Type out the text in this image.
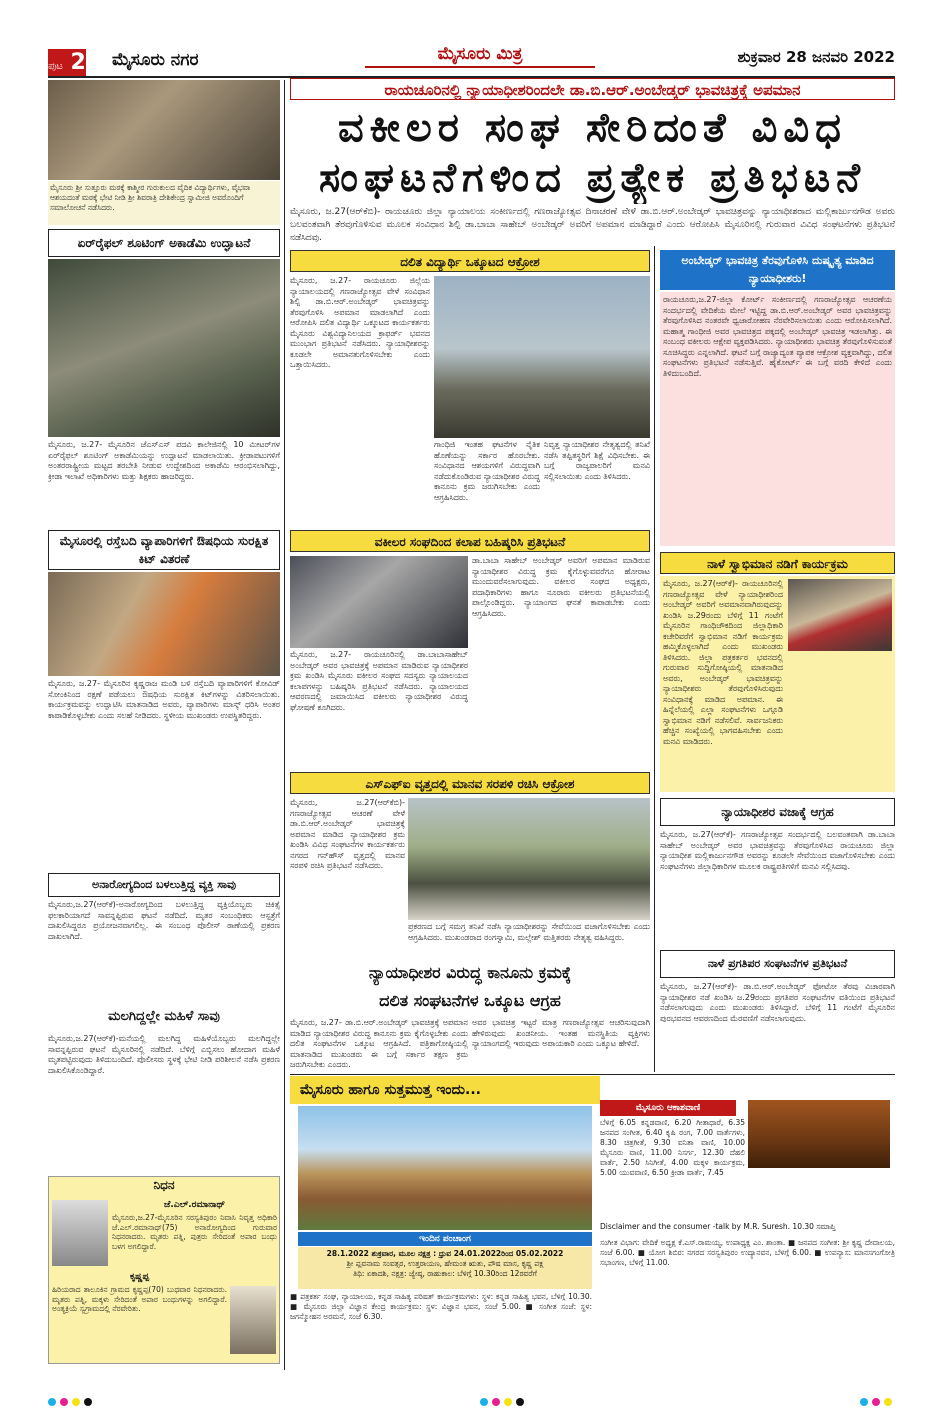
ಪುಟ 2 ಮೈಸೂರು ನಗರ	ಮೈಸೂರು ಮಿತ್ರ	ಶುಕ್ರವಾರ 28 ಜನವರಿ 2022
ರಾಯಚೂರಿನಲ್ಲಿ ನ್ಯಾಯಾಧೀಶರಿಂದಲೇ ಡಾ.ಬಿ.ಆರ್.ಅಂಬೇಡ್ಕರ್ ಭಾವಚಿತ್ರಕ್ಕೆ ಅಪಮಾನ
ವಕೀಲರ ಸಂಘ ಸೇರಿದಂತೆ ವಿವಿಧ
ಸಂಘಟನೆಗಳಿಂದ ಪ್ರತ್ಯೇಕ ಪ್ರತಿಭಟನೆ
ಮೈಸೂರು, ಜ.27(ಆರ್‌ಕೆಬಿ)- ರಾಯಚೂರು ಜಿಲ್ಲಾ ನ್ಯಾಯಾಲಯ ಸಂಕೀರ್ಣದಲ್ಲಿ ಗಣರಾಜ್ಯೋತ್ಸವ ದಿನಾಚರಣೆ ವೇಳೆ ಡಾ.ಬಿ.ಆರ್.ಅಂಬೇಡ್ಕರ್ ಭಾವಚಿತ್ರವನ್ನು ನ್ಯಾಯಾಧೀಶರಾದ ಮಲ್ಲಿಕಾರ್ಜುನಗೌಡ ಅವರು ಬಲವಂತವಾಗಿ ತೆರವುಗೊಳಿಸುವ ಮೂಲಕ ಸಂವಿಧಾನ ಶಿಲ್ಪಿ ಡಾ.ಬಾಬಾ ಸಾಹೇಬ್ ಅಂಬೇಡ್ಕರ್ ಅವರಿಗೆ ಅಪಮಾನ ಮಾಡಿದ್ದಾರೆ ಎಂದು ಆರೋಪಿಸಿ ಮೈಸೂರಿನಲ್ಲಿ ಗುರುವಾರ ವಿವಿಧ ಸಂಘಟನೆಗಳು ಪ್ರತಿಭಟನೆ ನಡೆಸಿದವು.
ಮೈಸೂರು ಶ್ರೀ ಸುತ್ತೂರು ಮಠಕ್ಕೆ ಕಾಶ್ಮೀರ ಗುರುಕುಲದ ವೈದಿಕ ವಿದ್ಯಾರ್ಥಿಗಳು, ವೈಭವಾ ಆಶಯದಂತೆ ಮಠಕ್ಕೆ ಭೇಟಿ ನೀಡಿ ಶ್ರೀ ಶಿವರಾತ್ರಿ ದೇಶಿಕೇಂದ್ರ ಸ್ವಾಮೀಜಿ ಅವರೊಂದಿಗೆ ಸಮಾಲೋಚನೆ ನಡೆಸಿದರು.
ಏರ್‌ರೈಫಲ್ ಶೂಟಿಂಗ್ ಅಕಾಡೆಮಿ ಉದ್ಘಾಟನೆ
ಮೈಸೂರು, ಜ.27- ಮೈಸೂರಿನ ಜೆಎಸ್‌ಎಸ್ ಪದವಿ ಕಾಲೇಜಿನಲ್ಲಿ 10 ಮೀಟರ್‌ಗಳ ಏರ್‌ರೈಫಲ್ ಶೂಟಿಂಗ್ ಅಕಾಡೆಮಿಯನ್ನು ಉದ್ಘಾಟನೆ ಮಾಡಲಾಯಿತು. ಕ್ರೀಡಾಪಟುಗಳಿಗೆ ಅಂತರರಾಷ್ಟ್ರೀಯ ಮಟ್ಟದ ತರಬೇತಿ ನೀಡುವ ಉದ್ದೇಶದಿಂದ ಅಕಾಡೆಮಿ ಆರಂಭಿಸಲಾಗಿದ್ದು, ಕ್ರೀಡಾ ಇಲಾಖೆ ಅಧಿಕಾರಿಗಳು ಮತ್ತು ಶಿಕ್ಷಕರು ಹಾಜರಿದ್ದರು.
ಮೈಸೂರಲ್ಲಿ ರಸ್ತೆಬದಿ ವ್ಯಾಪಾರಿಗಳಿಗೆ ಔಷಧಿಯ ಸುರಕ್ಷಿತ ಕಿಟ್ ವಿತರಣೆ
ಮೈಸೂರು, ಜ.27- ಮೈಸೂರಿನ ಕೃಷ್ಣರಾಜ ಮಂಡಿ ಬಳಿ ರಸ್ತೆಬದಿ ವ್ಯಾಪಾರಿಗಳಿಗೆ ಕೋವಿಡ್ ಸೋಂಕಿನಿಂದ ರಕ್ಷಣೆ ಪಡೆಯಲು ಔಷಧಿಯ ಸುರಕ್ಷಿತ ಕಿಟ್‌ಗಳನ್ನು ವಿತರಿಸಲಾಯಿತು. ಕಾರ್ಯಕ್ರಮವನ್ನು ಉದ್ಘಾಟಿಸಿ ಮಾತನಾಡಿದ ಅವರು, ವ್ಯಾಪಾರಿಗಳು ಮಾಸ್ಕ್ ಧರಿಸಿ ಅಂತರ ಕಾಪಾಡಿಕೊಳ್ಳಬೇಕು ಎಂದು ಸಲಹೆ ನೀಡಿದರು. ಸ್ಥಳೀಯ ಮುಖಂಡರು ಉಪಸ್ಥಿತರಿದ್ದರು.
ಅನಾರೋಗ್ಯದಿಂದ ಬಳಲುತ್ತಿದ್ದ ವ್ಯಕ್ತಿ ಸಾವು
ಮೈಸೂರು,ಜ.27(ಆರ್‌ಕೆ)-ಅನಾರೋಗ್ಯದಿಂದ ಬಳಲುತ್ತಿದ್ದ ವ್ಯಕ್ತಿಯೊಬ್ಬರು ಚಿಕಿತ್ಸೆ ಫಲಕಾರಿಯಾಗದೆ ಸಾವನ್ನಪ್ಪಿರುವ ಘಟನೆ ನಡೆದಿದೆ. ಮೃತರ ಸಂಬಂಧಿಕರು ಆಸ್ಪತ್ರೆಗೆ ದಾಖಲಿಸಿದ್ದರೂ ಪ್ರಯೋಜನವಾಗಲಿಲ್ಲ. ಈ ಸಂಬಂಧ ಪೊಲೀಸ್ ಠಾಣೆಯಲ್ಲಿ ಪ್ರಕರಣ ದಾಖಲಾಗಿದೆ.
ಮಲಗಿದ್ದಲ್ಲೇ ಮಹಿಳೆ ಸಾವು
ಮೈಸೂರು,ಜ.27(ಆರ್‌ಕೆ)-ಮನೆಯಲ್ಲಿ ಮಲಗಿದ್ದ ಮಹಿಳೆಯೊಬ್ಬರು ಮಲಗಿದ್ದಲ್ಲೇ ಸಾವನ್ನಪ್ಪಿರುವ ಘಟನೆ ಮೈಸೂರಿನಲ್ಲಿ ನಡೆದಿದೆ. ಬೆಳಿಗ್ಗೆ ಎಬ್ಬಿಸಲು ಹೋದಾಗ ಮಹಿಳೆ ಮೃತಪಟ್ಟಿರುವುದು ತಿಳಿದುಬಂದಿದೆ. ಪೊಲೀಸರು ಸ್ಥಳಕ್ಕೆ ಭೇಟಿ ನೀಡಿ ಪರಿಶೀಲನೆ ನಡೆಸಿ ಪ್ರಕರಣ ದಾಖಲಿಸಿಕೊಂಡಿದ್ದಾರೆ.
ನಿಧನ
ಜೆ.ಎಲ್.ರಮಾನಾಥ್
ಮೈಸೂರು,ಜ.27-ಮೈಸೂರಿನ ಸರಸ್ವತಿಪುರಂ ನಿವಾಸಿ ನಿವೃತ್ತ ಅಧಿಕಾರಿ ಜೆ.ಎಲ್.ರಮಾನಾಥ್(75) ಅನಾರೋಗ್ಯದಿಂದ ಗುರುವಾರ ನಿಧನರಾದರು. ಮೃತರು ಪತ್ನಿ, ಪುತ್ರರು ಸೇರಿದಂತೆ ಅಪಾರ ಬಂಧು ಬಳಗ ಅಗಲಿದ್ದಾರೆ.
ಕೃಷ್ಣಪ್ಪ
ಹಿರಿಯರಾದ ತಾಲೂಕಿನ ಗ್ರಾಮದ ಕೃಷ್ಣಪ್ಪ(70) ಬುಧವಾರ ನಿಧನರಾದರು. ಮೃತರು ಪತ್ನಿ, ಮಕ್ಕಳು ಸೇರಿದಂತೆ ಅಪಾರ ಬಂಧುಗಳನ್ನು ಅಗಲಿದ್ದಾರೆ. ಅಂತ್ಯಕ್ರಿಯೆ ಸ್ವಗ್ರಾಮದಲ್ಲಿ ನೆರವೇರಿತು.
ದಲಿತ ವಿದ್ಯಾರ್ಥಿ ಒಕ್ಕೂಟದ ಆಕ್ರೋಶ
ಮೈಸೂರು, ಜ.27- ರಾಯಚೂರು ಜಿಲ್ಲೆಯ ನ್ಯಾಯಾಲಯದಲ್ಲಿ ಗಣರಾಜ್ಯೋತ್ಸವ ವೇಳೆ ಸಂವಿಧಾನ ಶಿಲ್ಪಿ ಡಾ.ಬಿ.ಆರ್.ಅಂಬೇಡ್ಕರ್ ಭಾವಚಿತ್ರವನ್ನು ತೆರವುಗೊಳಿಸಿ ಅಪಮಾನ ಮಾಡಲಾಗಿದೆ ಎಂದು ಆರೋಪಿಸಿ ದಲಿತ ವಿದ್ಯಾರ್ಥಿ ಒಕ್ಕೂಟದ ಕಾರ್ಯಕರ್ತರು ಮೈಸೂರು ವಿಶ್ವವಿದ್ಯಾನಿಲಯದ ಕ್ರಾಫರ್ಡ್ ಭವನದ ಮುಂಭಾಗ ಪ್ರತಿಭಟನೆ ನಡೆಸಿದರು. ನ್ಯಾಯಾಧೀಶರನ್ನು ಕೂಡಲೇ ಅಮಾನತುಗೊಳಿಸಬೇಕು ಎಂದು ಒತ್ತಾಯಿಸಿದರು.
ಗಾಂಧಿಜಿ ಇಂತಹ ಘಟನೆಗಳ ನೈತಿಕ ಹೊಣೆಯನ್ನು ಸರ್ಕಾರ ಹೊರಬೇಕು. ಸಂವಿಧಾನದ ಆಶಯಗಳಿಗೆ ವಿರುದ್ಧವಾಗಿ ನಡೆದುಕೊಂಡಿರುವ ನ್ಯಾಯಾಧೀಶರ ವಿರುದ್ಧ ಕಾನೂನು ಕ್ರಮ ಜರುಗಿಸಬೇಕು ಎಂದು ಆಗ್ರಹಿಸಿದರು.
ನಿವೃತ್ತ ನ್ಯಾಯಾಧೀಶರ ನೇತೃತ್ವದಲ್ಲಿ ತನಿಖೆ ನಡೆಸಿ ತಪ್ಪಿತಸ್ಥರಿಗೆ ಶಿಕ್ಷೆ ವಿಧಿಸಬೇಕು. ಈ ಬಗ್ಗೆ ರಾಜ್ಯಪಾಲರಿಗೆ ಮನವಿ ಸಲ್ಲಿಸಲಾಯಿತು ಎಂದು ತಿಳಿಸಿದರು.
ವಕೀಲರ ಸಂಘದಿಂದ ಕಲಾಪ ಬಹಿಷ್ಕರಿಸಿ ಪ್ರತಿಭಟನೆ
ಮೈಸೂರು, ಜ.27- ರಾಯಚೂರಿನಲ್ಲಿ ಡಾ.ಬಾಬಾಸಾಹೇಬ್ ಅಂಬೇಡ್ಕರ್ ಅವರ ಭಾವಚಿತ್ರಕ್ಕೆ ಅಪಮಾನ ಮಾಡಿರುವ ನ್ಯಾಯಾಧೀಶರ ಕ್ರಮ ಖಂಡಿಸಿ ಮೈಸೂರು ವಕೀಲರ ಸಂಘದ ಸದಸ್ಯರು ನ್ಯಾಯಾಲಯದ ಕಲಾಪಗಳನ್ನು ಬಹಿಷ್ಕರಿಸಿ ಪ್ರತಿಭಟನೆ ನಡೆಸಿದರು. ನ್ಯಾಯಾಲಯದ ಆವರಣದಲ್ಲಿ ಜಮಾಯಿಸಿದ ವಕೀಲರು ನ್ಯಾಯಾಧೀಶರ ವಿರುದ್ಧ ಘೋಷಣೆ ಕೂಗಿದರು.
ಡಾ.ಬಾಬಾ ಸಾಹೇಬ್ ಅಂಬೇಡ್ಕರ್ ಅವರಿಗೆ ಅಪಮಾನ ಮಾಡಿರುವ ನ್ಯಾಯಾಧೀಶರ ವಿರುದ್ಧ ಕ್ರಮ ಕೈಗೊಳ್ಳುವವರೆಗೂ ಹೋರಾಟ ಮುಂದುವರೆಸಲಾಗುವುದು. ವಕೀಲರ ಸಂಘದ ಅಧ್ಯಕ್ಷರು, ಪದಾಧಿಕಾರಿಗಳು ಹಾಗೂ ನೂರಾರು ವಕೀಲರು ಪ್ರತಿಭಟನೆಯಲ್ಲಿ ಪಾಲ್ಗೊಂಡಿದ್ದರು. ನ್ಯಾಯಾಂಗದ ಘನತೆ ಕಾಪಾಡಬೇಕು ಎಂದು ಆಗ್ರಹಿಸಿದರು.
ಎಸ್‌ಎಫ್‌ಐ ವೃತ್ತದಲ್ಲಿ ಮಾನವ ಸರಪಳಿ ರಚಿಸಿ ಆಕ್ರೋಶ
ಮೈಸೂರು, ಜ.27(ಆರ್‌ಕೆಬಿ)- ಗಣರಾಜ್ಯೋತ್ಸವ ಆಚರಣೆ ವೇಳೆ ಡಾ.ಬಿ.ಆರ್.ಅಂಬೇಡ್ಕರ್ ಭಾವಚಿತ್ರಕ್ಕೆ ಅಪಮಾನ ಮಾಡಿದ ನ್ಯಾಯಾಧೀಶರ ಕ್ರಮ ಖಂಡಿಸಿ ವಿವಿಧ ಸಂಘಟನೆಗಳ ಕಾರ್ಯಕರ್ತರು ನಗರದ ಗನ್‌ಹೌಸ್ ವೃತ್ತದಲ್ಲಿ ಮಾನವ ಸರಪಳಿ ರಚಿಸಿ ಪ್ರತಿಭಟನೆ ನಡೆಸಿದರು.
ಪ್ರಕರಣದ ಬಗ್ಗೆ ಸಮಗ್ರ ತನಿಖೆ ನಡೆಸಿ ನ್ಯಾಯಾಧೀಶರನ್ನು ಸೇವೆಯಿಂದ ವಜಾಗೊಳಿಸಬೇಕು ಎಂದು ಆಗ್ರಹಿಸಿದರು. ಮುಖಂಡರಾದ ರಂಗಸ್ವಾಮಿ, ಮಲ್ಲೇಶ್ ಮತ್ತಿತರರು ನೇತೃತ್ವ ವಹಿಸಿದ್ದರು.
ನ್ಯಾಯಾಧೀಶರ ವಿರುದ್ಧ ಕಾನೂನು ಕ್ರಮಕ್ಕೆ
ದಲಿತ ಸಂಘಟನೆಗಳ ಒಕ್ಕೂಟ ಆಗ್ರಹ
ಮೈಸೂರು, ಜ.27- ಡಾ.ಬಿ.ಆರ್.ಅಂಬೇಡ್ಕರ್ ಭಾವಚಿತ್ರಕ್ಕೆ ಅಪಮಾನ ಮಾಡಿದ ನ್ಯಾಯಾಧೀಶರ ವಿರುದ್ಧ ಕಾನೂನು ಕ್ರಮ ಕೈಗೊಳ್ಳಬೇಕು ಎಂದು ದಲಿತ ಸಂಘಟನೆಗಳ ಒಕ್ಕೂಟ ಆಗ್ರಹಿಸಿದೆ. ಪತ್ರಿಕಾಗೋಷ್ಠಿಯಲ್ಲಿ ಮಾತನಾಡಿದ ಮುಖಂಡರು ಈ ಬಗ್ಗೆ ಸರ್ಕಾರ ತಕ್ಷಣ ಕ್ರಮ ಜರುಗಿಸಬೇಕು ಎಂದರು.
ಅವರ ಭಾವಚಿತ್ರ ಇಟ್ಟರೆ ಮಾತ್ರ ಗಣರಾಜ್ಯೋತ್ಸವ ಆಚರಿಸುವುದಾಗಿ ಹೇಳಿರುವುದು ಖಂಡನೀಯ. ಇಂತಹ ಮನಸ್ಥಿತಿಯ ವ್ಯಕ್ತಿಗಳು ನ್ಯಾಯಾಂಗದಲ್ಲಿ ಇರುವುದು ಅಪಾಯಕಾರಿ ಎಂದು ಒಕ್ಕೂಟ ಹೇಳಿದೆ.
ಅಂಬೇಡ್ಕರ್ ಭಾವಚಿತ್ರ ತೆರವುಗೊಳಿಸಿ ದುಷ್ಕೃತ್ಯ ಮಾಡಿದ ನ್ಯಾಯಾಧೀಶರು!
ರಾಯಚೂರು,ಜ.27-ಜಿಲ್ಲಾ ಕೋರ್ಟ್ ಸಂಕೀರ್ಣದಲ್ಲಿ ಗಣರಾಜ್ಯೋತ್ಸವ ಆಚರಣೆಯ ಸಂದರ್ಭದಲ್ಲಿ ವೇದಿಕೆಯ ಮೇಲೆ ಇಟ್ಟಿದ್ದ ಡಾ.ಬಿ.ಆರ್.ಅಂಬೇಡ್ಕರ್ ಅವರ ಭಾವಚಿತ್ರವನ್ನು ತೆರವುಗೊಳಿಸಿದ ನಂತರವೇ ಧ್ವಜಾರೋಹಣ ನೆರವೇರಿಸಲಾಯಿತು ಎಂದು ಆರೋಪಿಸಲಾಗಿದೆ. ಮಹಾತ್ಮ ಗಾಂಧೀಜಿ ಅವರ ಭಾವಚಿತ್ರದ ಪಕ್ಕದಲ್ಲಿ ಅಂಬೇಡ್ಕರ್ ಭಾವಚಿತ್ರ ಇಡಲಾಗಿತ್ತು. ಈ ಸಂಬಂಧ ವಕೀಲರು ಆಕ್ಷೇಪ ವ್ಯಕ್ತಪಡಿಸಿದರು. ನ್ಯಾಯಾಧೀಶರು ಭಾವಚಿತ್ರ ತೆರವುಗೊಳಿಸುವಂತೆ ಸೂಚಿಸಿದ್ದರು ಎನ್ನಲಾಗಿದೆ. ಘಟನೆ ಬಗ್ಗೆ ರಾಜ್ಯಾದ್ಯಂತ ವ್ಯಾಪಕ ಆಕ್ರೋಶ ವ್ಯಕ್ತವಾಗಿದ್ದು, ದಲಿತ ಸಂಘಟನೆಗಳು ಪ್ರತಿಭಟನೆ ನಡೆಸುತ್ತಿವೆ. ಹೈಕೋರ್ಟ್ ಈ ಬಗ್ಗೆ ವರದಿ ಕೇಳಿದೆ ಎಂದು ತಿಳಿದುಬಂದಿದೆ.
ನಾಳೆ ಸ್ವಾಭಿಮಾನ ನಡಿಗೆ ಕಾರ್ಯಕ್ರಮ
ಮೈಸೂರು, ಜ.27(ಆರ್‌ಕೆ)- ರಾಯಚೂರಿನಲ್ಲಿ ಗಣರಾಜ್ಯೋತ್ಸವ ವೇಳೆ ನ್ಯಾಯಾಧೀಶರಿಂದ ಅಂಬೇಡ್ಕರ್ ಅವರಿಗೆ ಅವಮಾನವಾಗಿರುವುದನ್ನು ಖಂಡಿಸಿ ಜ.29ರಂದು ಬೆಳಿಗ್ಗೆ 11 ಗಂಟೆಗೆ ಮೈಸೂರಿನ ಗಾಂಧಿಚೌಕದಿಂದ ಜಿಲ್ಲಾಧಿಕಾರಿ ಕಚೇರಿವರೆಗೆ ಸ್ವಾಭಿಮಾನ ನಡಿಗೆ ಕಾರ್ಯಕ್ರಮ ಹಮ್ಮಿಕೊಳ್ಳಲಾಗಿದೆ ಎಂದು ಮುಖಂಡರು ತಿಳಿಸಿದರು. ಜಿಲ್ಲಾ ಪತ್ರಕರ್ತರ ಭವನದಲ್ಲಿ ಗುರುವಾರ ಸುದ್ದಿಗೋಷ್ಠಿಯಲ್ಲಿ ಮಾತನಾಡಿದ ಅವರು, ಅಂಬೇಡ್ಕರ್ ಭಾವಚಿತ್ರವನ್ನು ನ್ಯಾಯಾಧೀಶರು ತೆರವುಗೊಳಿಸಿರುವುದು ಸಂವಿಧಾನಕ್ಕೆ ಮಾಡಿದ ಅಪಮಾನ. ಈ ಹಿನ್ನೆಲೆಯಲ್ಲಿ ಎಲ್ಲಾ ಸಂಘಟನೆಗಳು ಒಗ್ಗೂಡಿ ಸ್ವಾಭಿಮಾನ ನಡಿಗೆ ನಡೆಸಲಿವೆ. ಸಾರ್ವಜನಿಕರು ಹೆಚ್ಚಿನ ಸಂಖ್ಯೆಯಲ್ಲಿ ಭಾಗವಹಿಸಬೇಕು ಎಂದು ಮನವಿ ಮಾಡಿದರು.
ನ್ಯಾಯಾಧೀಶರ ವಜಾಕ್ಕೆ ಆಗ್ರಹ
ಮೈಸೂರು, ಜ.27(ಆರ್‌ಕೆ)- ಗಣರಾಜ್ಯೋತ್ಸವ ಸಂದರ್ಭದಲ್ಲಿ ಬಲವಂತವಾಗಿ ಡಾ.ಬಾಬಾ ಸಾಹೇಬ್ ಅಂಬೇಡ್ಕರ್ ಅವರ ಭಾವಚಿತ್ರವನ್ನು ತೆರವುಗೊಳಿಸಿದ ರಾಯಚೂರು ಜಿಲ್ಲಾ ನ್ಯಾಯಾಧೀಶ ಮಲ್ಲಿಕಾರ್ಜುನಗೌಡ ಅವರನ್ನು ಕೂಡಲೇ ಸೇವೆಯಿಂದ ವಜಾಗೊಳಿಸಬೇಕು ಎಂದು ಸಂಘಟನೆಗಳು ಜಿಲ್ಲಾಧಿಕಾರಿಗಳ ಮೂಲಕ ರಾಷ್ಟ್ರಪತಿಗಳಿಗೆ ಮನವಿ ಸಲ್ಲಿಸಿದವು.
ನಾಳೆ ಪ್ರಗತಿಪರ ಸಂಘಟನೆಗಳ ಪ್ರತಿಭಟನೆ
ಮೈಸೂರು, ಜ.27(ಆರ್‌ಕೆ)- ಡಾ.ಬಿ.ಆರ್.ಅಂಬೇಡ್ಕರ್ ಫೋಟೋ ತೆರವು ವಿಚಾರವಾಗಿ ನ್ಯಾಯಾಧೀಶರ ನಡೆ ಖಂಡಿಸಿ ಜ.29ರಂದು ಪ್ರಗತಿಪರ ಸಂಘಟನೆಗಳ ವತಿಯಿಂದ ಪ್ರತಿಭಟನೆ ನಡೆಸಲಾಗುವುದು ಎಂದು ಮುಖಂಡರು ತಿಳಿಸಿದ್ದಾರೆ. ಬೆಳಿಗ್ಗೆ 11 ಗಂಟೆಗೆ ಮೈಸೂರಿನ ಪುರಭವನದ ಆವರಣದಿಂದ ಮೆರವಣಿಗೆ ನಡೆಸಲಾಗುವುದು.
ಮೈಸೂರು ಹಾಗೂ ಸುತ್ತಮುತ್ತ ಇಂದು...
ಇಂದಿನ ಪಂಚಾಂಗ
28.1.2022 ಶುಕ್ರವಾರ, ಮೂಲ ನಕ್ಷತ್ರ : ಧ್ರುವ 24.01.2022ರಿಂದ 05.02.2022
ಶ್ರೀ ಪ್ಲವನಾಮ ಸಂವತ್ಸರ, ಉತ್ತರಾಯಣ, ಹೇಮಂತ ಋತು, ಪೌಷ ಮಾಸ, ಕೃಷ್ಣ ಪಕ್ಷ
ತಿಥಿ: ಏಕಾದಶಿ, ನಕ್ಷತ್ರ: ಜ್ಯೇಷ್ಠ, ರಾಹುಕಾಲ: ಬೆಳಿಗ್ಗೆ 10.30ರಿಂದ 12ರವರೆಗೆ
■ ಪತ್ರಕರ್ತ ಸಂಘ, ನ್ಯಾಯಾಲಯ, ಕನ್ನಡ ಸಾಹಿತ್ಯ ಪರಿಷತ್ ಕಾರ್ಯಕ್ರಮಗಳು: ಸ್ಥಳ: ಕನ್ನಡ ಸಾಹಿತ್ಯ ಭವನ, ಬೆಳಿಗ್ಗೆ 10.30. ■ ಮೈಸೂರು ಜಿಲ್ಲಾ ವಿಜ್ಞಾನ ಕೇಂದ್ರ ಕಾರ್ಯಕ್ರಮ: ಸ್ಥಳ: ವಿಜ್ಞಾನ ಭವನ, ಸಂಜೆ 5.00. ■ ಸಂಗೀತ ಸಂಜೆ: ಸ್ಥಳ: ಜಗನ್ಮೋಹನ ಅರಮನೆ, ಸಂಜೆ 6.30.
ಮೈಸೂರು ಆಕಾಶವಾಣಿ
ಬೆಳಿಗ್ಗೆ 6.05 ಕನ್ನಡವಾಣಿ, 6.20 ಗೀತಾಧಾರೆ, 6.35 ಜನಪದ ಸಂಗೀತ, 6.40 ಕೃಷಿ ರಂಗ, 7.00 ವಾರ್ತೆಗಳು, 8.30 ಚಿತ್ರಗೀತೆ, 9.30 ವನಿತಾ ವಾಣಿ, 10.00 ಮೈಸೂರು ವಾಣಿ, 11.00 ನಿಸರ್ಗ, 12.30 ದೆಹಲಿ ವಾರ್ತೆ, 2.50 ಸಿನಿಗೀತೆ, 4.00 ಮಕ್ಕಳ ಕಾರ್ಯಕ್ರಮ, 5.00 ಯುವವಾಣಿ, 6.50 ಕ್ರೀಡಾ ವಾರ್ತೆ, 7.45
Disclaimer and the consumer -talk by M.R. Suresh. 10.30 ಸಮಾಪ್ತಿ
ಸಂಗೀತ ವಿಭಾಗ: ವೇದಿಕೆ ಅಧ್ಯಕ್ಷ ಕೆ.ಎಸ್.ರಾಮಯ್ಯ, ಉಪಾಧ್ಯಕ್ಷ ಎಂ. ಶಾಂತಾ. ■ ಜನಪದ ಸಂಗೀತ: ಶ್ರೀ ಕೃಷ್ಣ ದೇವಾಲಯ, ಸಂಜೆ 6.00. ■ ಯೋಗ ಶಿಬಿರ: ನಗರದ ಸರಸ್ವತಿಪುರಂ ಉದ್ಯಾನವನ, ಬೆಳಿಗ್ಗೆ 6.00. ■ ಉಪನ್ಯಾಸ: ಮಾನಸಗಂಗೋತ್ರಿ ಸಭಾಂಗಣ, ಬೆಳಿಗ್ಗೆ 11.00.
